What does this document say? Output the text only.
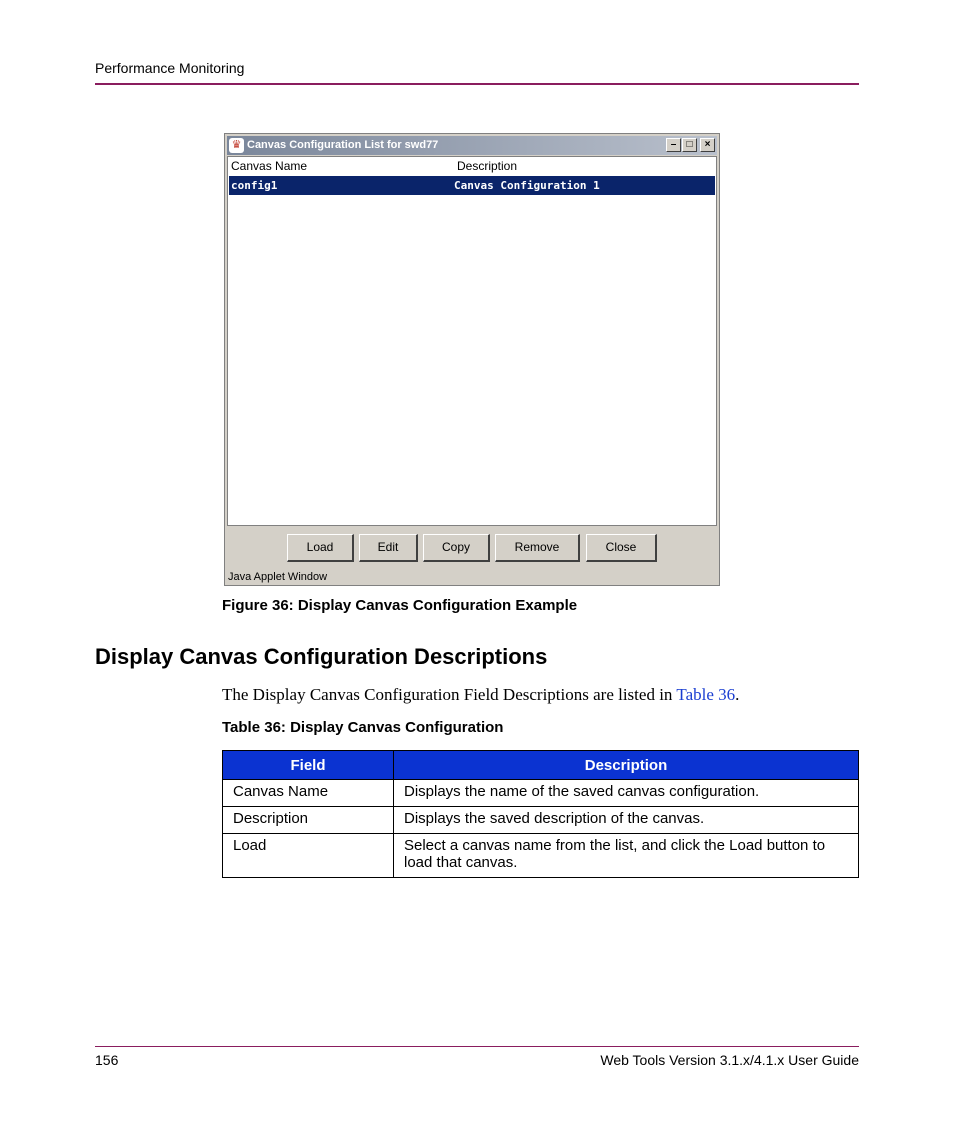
Performance Monitoring
♛ Canvas Configuration List for swd77	–	□	×
Canvas Name	Description
config1	Canvas Configuration 1
Load	Edit	Copy	Remove	Close
Java Applet Window
Figure 36: Display Canvas Configuration Example
Display Canvas Configuration Descriptions
The Display Canvas Configuration Field Descriptions are listed in Table 36.
Table 36: Display Canvas Configuration
Field	Description
Canvas Name	Displays the name of the saved canvas configuration.
Description	Displays the saved description of the canvas.
Load	Select a canvas name from the list, and click the Load button to load that canvas.
156	Web Tools Version 3.1.x/4.1.x User Guide
